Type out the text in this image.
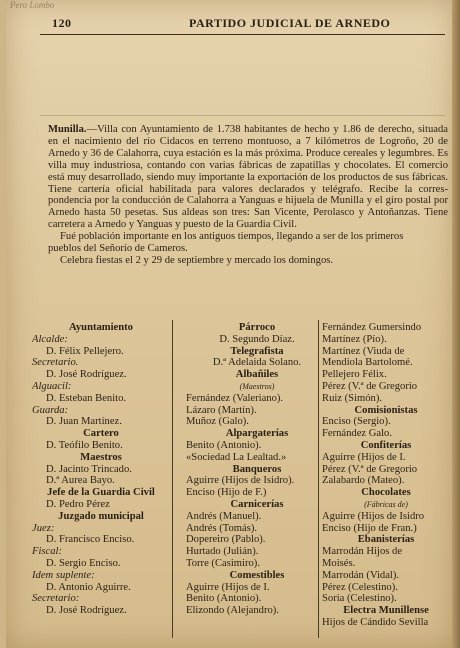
Pero Lombo
120	PARTIDO JUDICIAL DE ARNEDO

Munilla.—Villa con Ayuntamiento de 1.738 habitantes de hecho y 1.86 de derecho, situada en el nacimiento del río Cidacos en terreno montuoso, a 7 kilómetros de Logroño, 20 de Arnedo y 36 de Calahorra, cuya estación es la más próxima. Produce cereales y legumbres. Es villa muy industriosa, contando con varias fábricas de zapatillas y chocolates. El comercio está muy desarrollado, siendo muy importante la exportación de los productos de sus fábricas. Tiene cartería oficial habilitada para valores declarados y telégrafo. Recibe la corres- pondencia por la conducción de Calahorra a Yanguas e hijuela de Munilla y el giro postal por Arnedo hasta 50 pesetas. Sus aldeas son tres: San Vicente, Perolasco y Antoñanzas. Tiene carretera a Arnedo y Yanguas y puesto de la Guardia Civil.

Fué población importante en los antiguos tiempos, llegando a ser de los primeros
pueblos del Señorío de Cameros.
Celebra fiestas el 2 y 29 de septiembre y mercado los domingos.

Ayuntamiento
Alcalde:
D. Félix Pellejero.
Secretario.
D. José Rodríguez.
Alguacil:
D. Esteban Benito.
Guarda:
D. Juan Martínez.
Cartero
D. Teófilo Benito.
Maestros
D. Jacinto Trincado.
D.ª Aurea Bayo.
Jefe de la Guardia Civil
D. Pedro Pérez
Juzgado municipal
Juez:
D. Francisco Enciso.
Fiscal:
D. Sergio Enciso.
Idem suplente:
D. Antonio Aguirre.
Secretario:
D. José Rodríguez.
Párroco
D. Segundo Díaz.
Telegrafista
D.ª Adelaida Solano.
Albañiles
(Maestros)
Fernández (Valeriano).
Lázaro (Martín).
Muñoz (Galo).
Alpargaterías
Benito (Antonio).
«Sociedad La Lealtad.»
Banqueros
Aguirre (Hijos de Isidro).
Enciso (Hijo de F.)
Carnicerías
Andrés (Manuel).
Andrés (Tomás).
Dopereiro (Pablo).
Hurtado (Julián).
Torre (Casimiro).
Comestibles
Aguirre (Hijos de I.
Benito (Antonio).
Elizondo (Alejandro).
Fernández Gumersindo
Martínez (Pío).
Martínez (Viuda de
Mendiola Bartolomé.
Pellejero Félix.
Pérez (V.ª de Gregorio
Ruiz (Simón).
Comisionistas
Enciso (Sergio).
Fernández Galo.
Confiterías
Aguirre (Hijos de I.
Pérez (V.ª de Gregorio
Zalabardo (Mateo).
Chocolates
(Fábricas de)
Aguirre (Hijos de Isidro
Enciso (Hijo de Fran.)
Ebanisterías
Marrodán Hijos de
Moisés.
Marrodán (Vidal).
Pérez (Celestino).
Soria (Celestino).
Electra Munillense
Hijos de Cándido Sevilla
